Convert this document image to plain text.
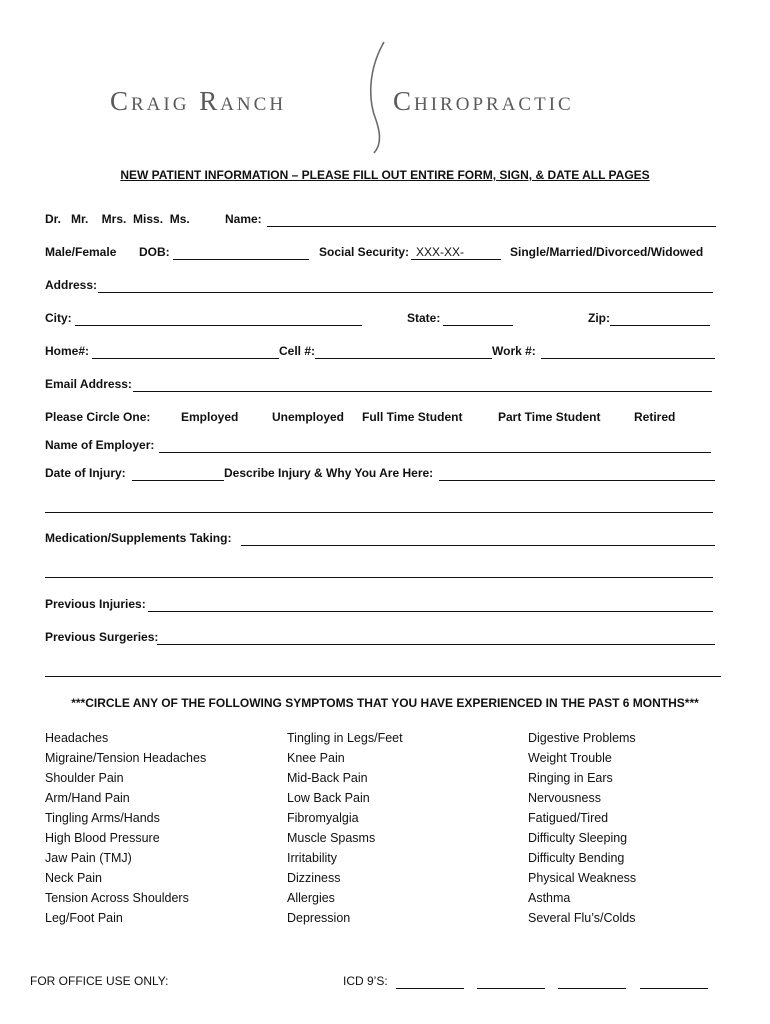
Craig Ranch	Chiropractic
NEW PATIENT INFORMATION – PLEASE FILL OUT ENTIRE FORM, SIGN, & DATE ALL PAGES
Dr.   Mr.    Mrs.  Miss.  Ms.	Name:
Male/Female DOB:	Social Security: XXX-XX-	Single/Married/Divorced/Widowed
Address:
City:	State:	Zip:
Home#:	Cell #:	Work #:
Email Address:
Please Circle One:	Employed	Unemployed Full Time Student	Part Time Student	Retired
Name of Employer:
Date of Injury:	Describe Injury & Why You Are Here:
Medication/Supplements Taking:
Previous Injuries:
Previous Surgeries:
***CIRCLE ANY OF THE FOLLOWING SYMPTOMS THAT YOU HAVE EXPERIENCED IN THE PAST 6 MONTHS***
Headaches
Migraine/Tension Headaches
Shoulder Pain
Arm/Hand Pain
Tingling Arms/Hands
High Blood Pressure
Jaw Pain (TMJ)
Neck Pain
Tension Across Shoulders
Leg/Foot Pain
Tingling in Legs/Feet
Knee Pain
Mid-Back Pain
Low Back Pain
Fibromyalgia
Muscle Spasms
Irritability
Dizziness
Allergies
Depression
Digestive Problems
Weight Trouble
Ringing in Ears
Nervousness
Fatigued/Tired
Difficulty Sleeping
Difficulty Bending
Physical Weakness
Asthma
Several Flu’s/Colds
FOR OFFICE USE ONLY:	ICD 9’S:
